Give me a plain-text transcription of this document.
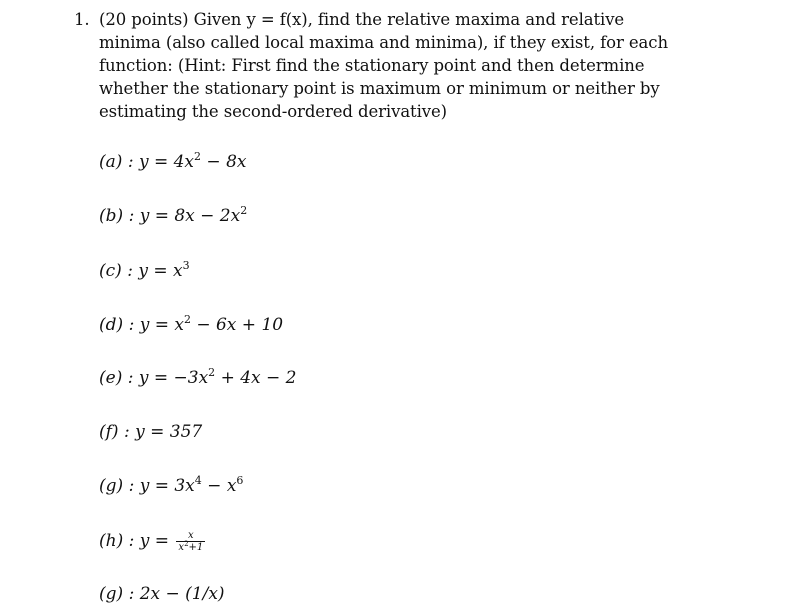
1. (20 points) Given y = f(x), find the relative maxima and relative
minima (also called local maxima and minima), if they exist, for each
function: (Hint: First find the stationary point and then determine
whether the stationary point is maximum or minimum or neither by
estimating the second-ordered derivative)
(a) : $y = 4x^2 - 8x$
(b) : $y = 8x - 2x^2$
(c) : $y = x^3$
(d) : $y = x^2 - 6x + 10$
(e) : $y = -3x^2 + 4x - 2$
(f) : y = 357
(g) : $y = 3x^4 - x^6$
(h) : $y = \frac{x}{x^2+1}$
(g) : 2x − (1/x)
